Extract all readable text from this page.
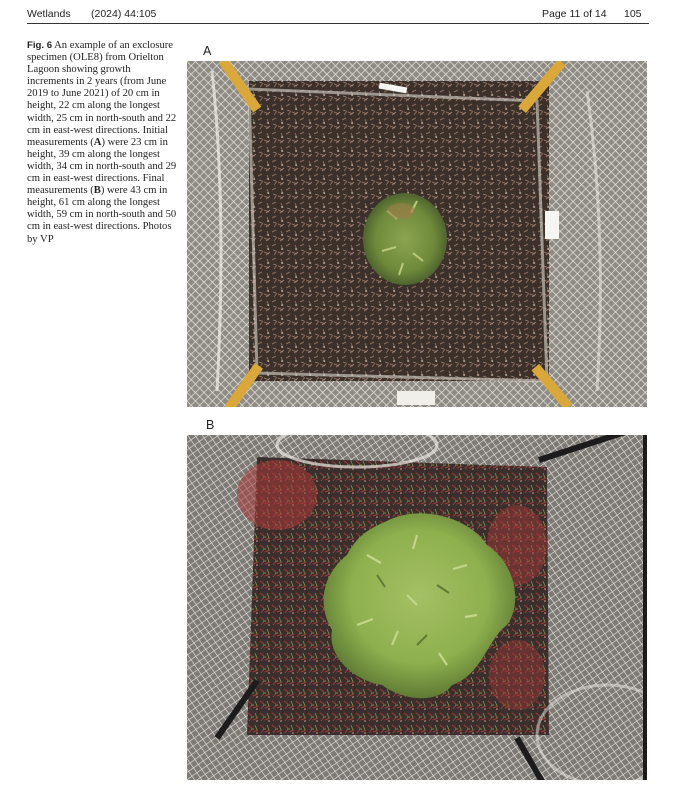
Wetlands (2024) 44:105	Page 11 of 14 105

Fig. 6 An example of an exclosure specimen (OLE8) from Orielton Lagoon showing growth increments in 2 years (from June 2019 to June 2021) of 20 cm in height, 22 cm along the longest width, 25 cm in north-south and 22 cm in east-west directions. Initial measurements (A) were 23 cm in height, 39 cm along the longest width, 34 cm in north-south and 29 cm in east-west directions. Final measurements (B) were 43 cm in height, 61 cm along the longest width, 59 cm in north-south and 50 cm in east-west directions. Photos by VP

A
B
